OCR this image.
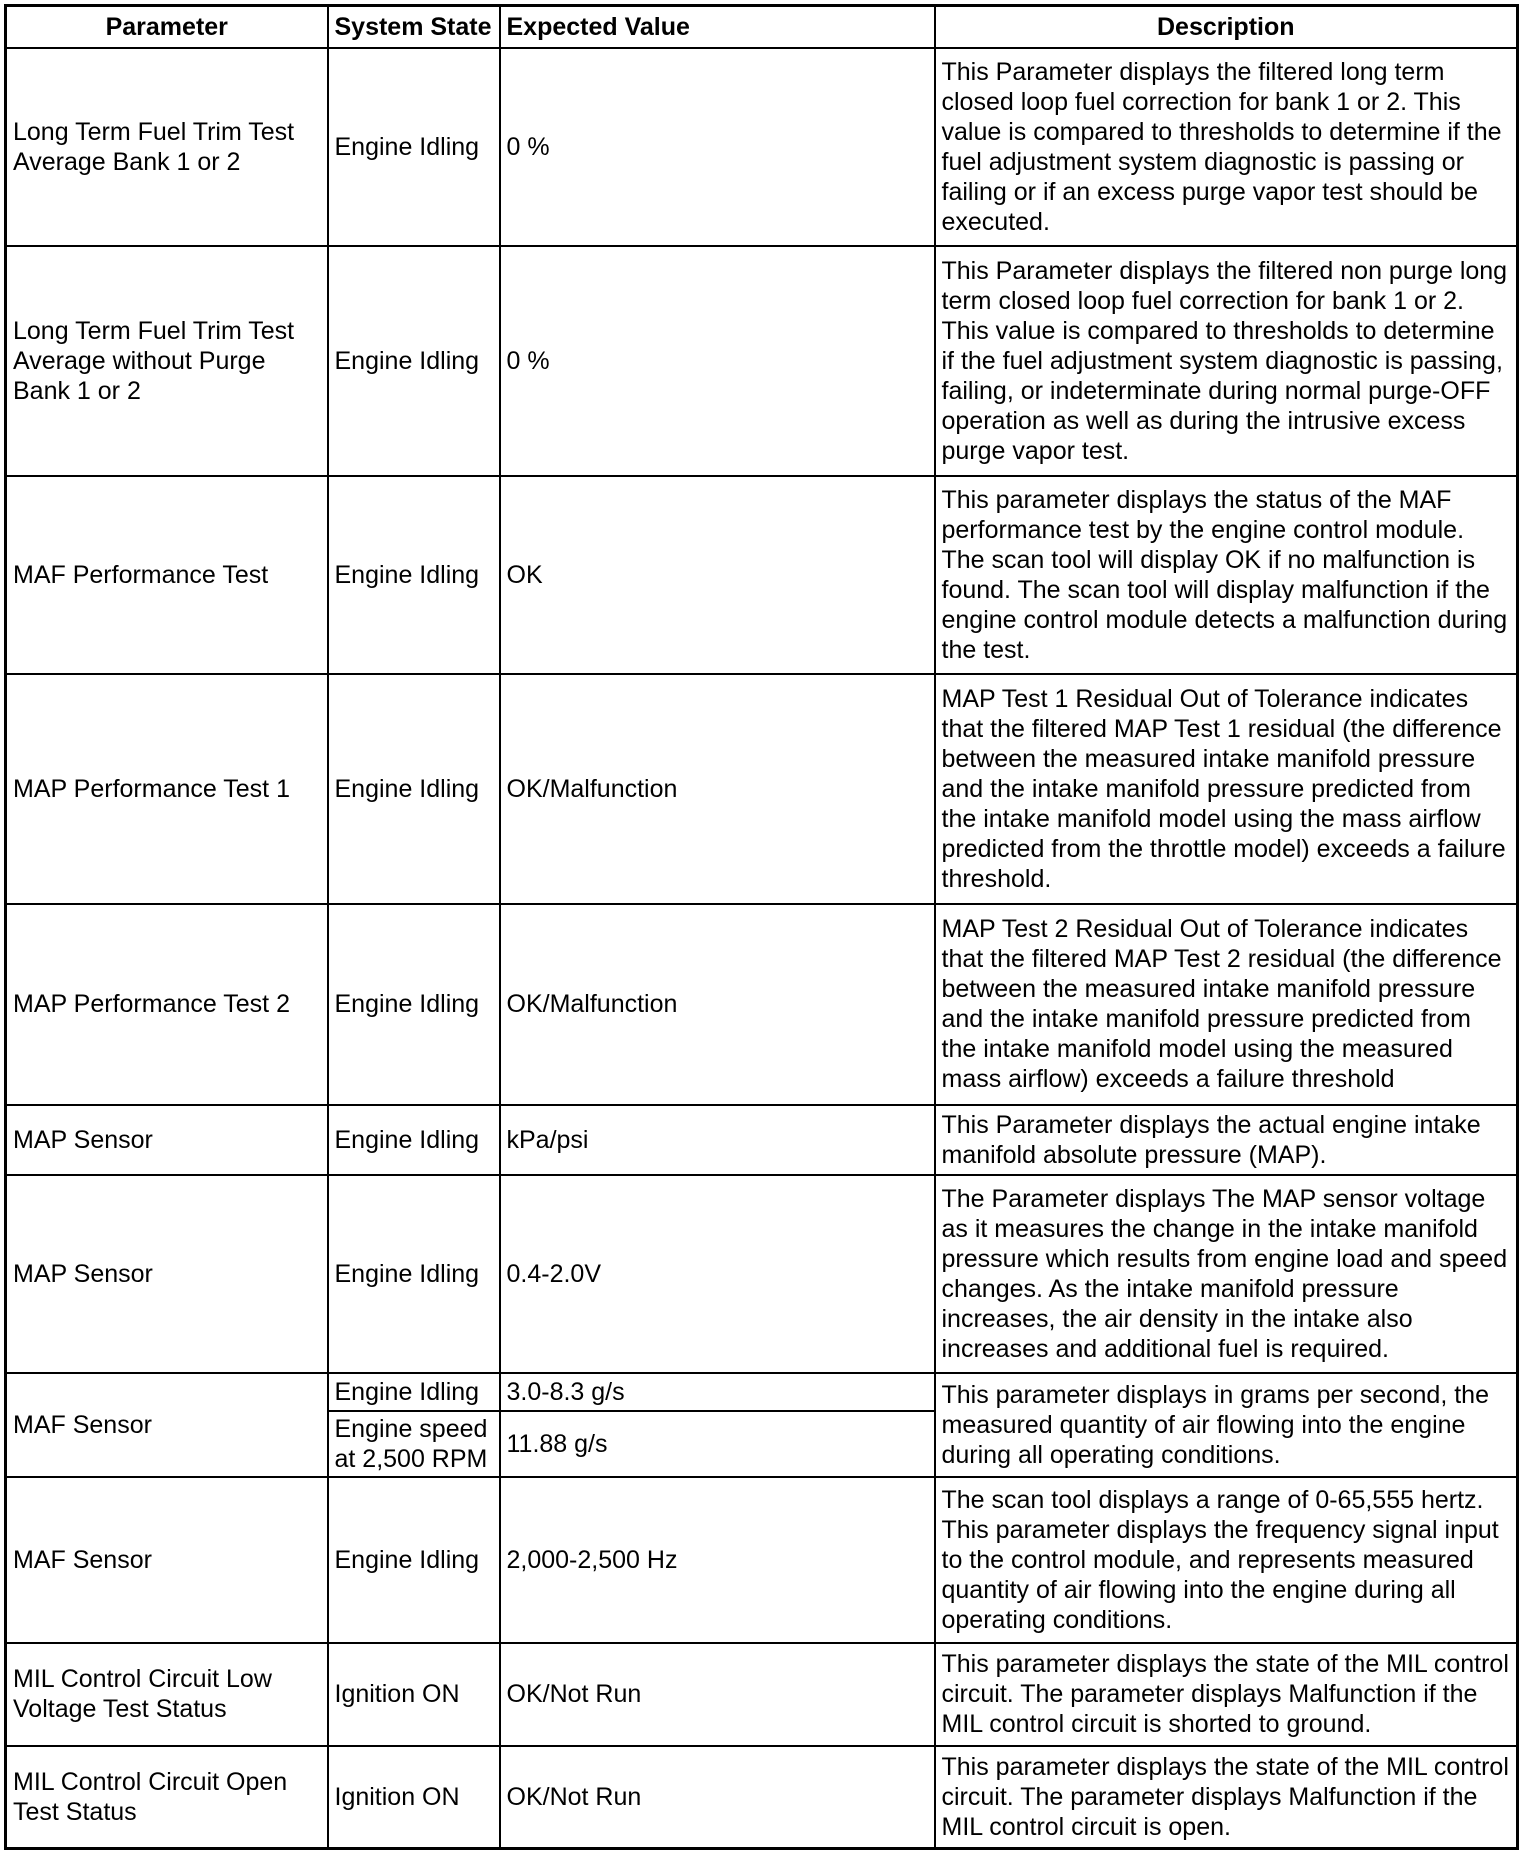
Parameter	System State	Expected Value	Description
Long Term Fuel Trim Test Average Bank 1 or 2	Engine Idling	0 %	This Parameter displays the filtered long term closed loop fuel correction for bank 1 or 2. This value is compared to thresholds to determine if the fuel adjustment system diagnostic is passing or failing or if an excess purge vapor test should be executed.
Long Term Fuel Trim Test Average without Purge Bank 1 or 2	Engine Idling	0 %	This Parameter displays the filtered non purge long term closed loop fuel correction for bank 1 or 2. This value is compared to thresholds to determine if the fuel adjustment system diagnostic is passing, failing, or indeterminate during normal purge-OFF operation as well as during the intrusive excess purge vapor test.
MAF Performance Test	Engine Idling	OK	This parameter displays the status of the MAF performance test by the engine control module. The scan tool will display OK if no malfunction is found. The scan tool will display malfunction if the engine control module detects a malfunction during the test.
MAP Performance Test 1	Engine Idling	OK/Malfunction	MAP Test 1 Residual Out of Tolerance indicates that the filtered MAP Test 1 residual (the difference between the measured intake manifold pressure and the intake manifold pressure predicted from the intake manifold model using the mass airflow predicted from the throttle model) exceeds a failure threshold.
MAP Performance Test 2	Engine Idling	OK/Malfunction	MAP Test 2 Residual Out of Tolerance indicates that the filtered MAP Test 2 residual (the difference between the measured intake manifold pressure and the intake manifold pressure predicted from the intake manifold model using the measured mass airflow) exceeds a failure threshold
MAP Sensor	Engine Idling	kPa/psi	This Parameter displays the actual engine intake manifold absolute pressure (MAP).
MAP Sensor	Engine Idling	0.4-2.0V	The Parameter displays The MAP sensor voltage as it measures the change in the intake manifold pressure which results from engine load and speed changes. As the intake manifold pressure increases, the air density in the intake also increases and additional fuel is required.
MAF Sensor	Engine Idling	3.0-8.3 g/s	This parameter displays in grams per second, the measured quantity of air flowing into the engine during all operating conditions.
	Engine speed at 2,500 RPM	11.88 g/s	
MAF Sensor	Engine Idling	2,000-2,500 Hz	The scan tool displays a range of 0-65,555 hertz. This parameter displays the frequency signal input to the control module, and represents measured quantity of air flowing into the engine during all operating conditions.
MIL Control Circuit Low Voltage Test Status	Ignition ON	OK/Not Run	This parameter displays the state of the MIL control circuit. The parameter displays Malfunction if the MIL control circuit is shorted to ground.
MIL Control Circuit Open Test Status	Ignition ON	OK/Not Run	This parameter displays the state of the MIL control circuit. The parameter displays Malfunction if the MIL control circuit is open.
